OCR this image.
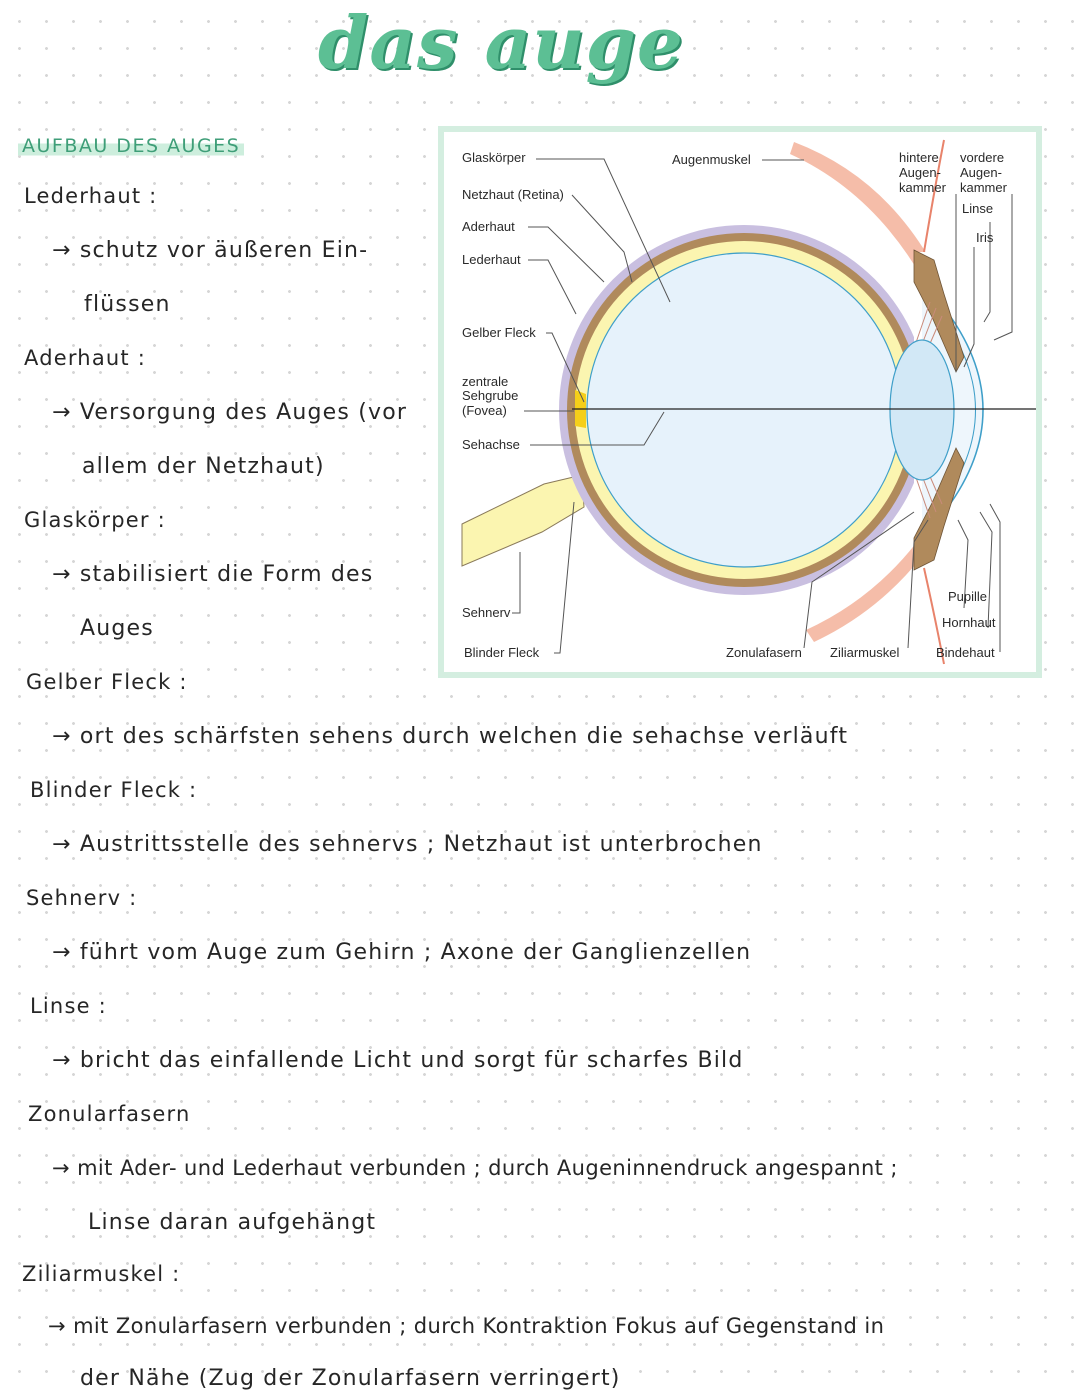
das auge
AUFBAU DES AUGES
Lederhaut :
→ schutz vor äußeren Ein-
flüssen
Aderhaut :
→ Versorgung des Auges (vor
allem der Netzhaut)
Glaskörper :
→ stabilisiert die Form des
Auges
Gelber Fleck :
→ ort des schärfsten sehens durch welchen die sehachse verläuft
Blinder Fleck :
→ Austrittsstelle des sehnervs ; Netzhaut ist unterbrochen
Sehnerv :
→ führt vom Auge zum Gehirn ; Axone der Ganglienzellen
Linse :
→ bricht das einfallende Licht und sorgt für scharfes Bild
Zonularfasern
→ mit Ader- und Lederhaut verbunden ; durch Augeninnendruck angespannt ;
Linse daran aufgehängt
Ziliarmuskel :
→ mit Zonularfasern verbunden ; durch Kontraktion Fokus auf Gegenstand in
der Nähe (Zug der Zonularfasern verringert)
Glaskörper
Netzhaut (Retina)
Aderhaut
Lederhaut
Gelber Fleck
zentrale
Sehgrube
(Fovea)
Sehachse
Sehnerv
Blinder Fleck
Augenmuskel	hintere
Augen-
kammer
vordere
Augen-
kammer
Linse
Iris
Pupille
Hornhaut
Bindehaut
Zonulafasern Ziliarmuskel
